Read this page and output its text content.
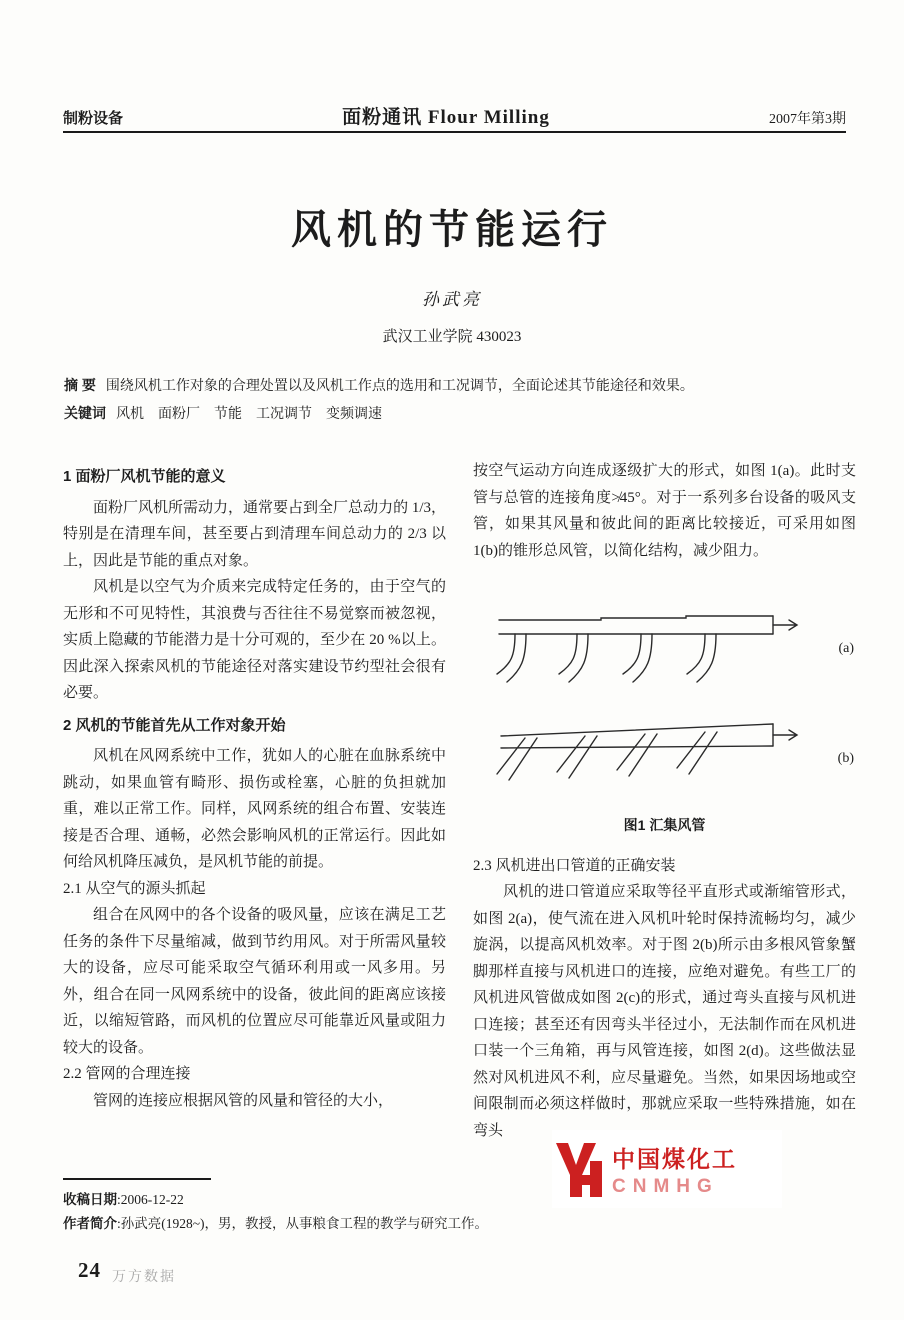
制粉设备	面粉通讯 Flour Milling	2007年第3期
风机的节能运行
孙武亮
武汉工业学院 430023
摘 要 围绕风机工作对象的合理处置以及风机工作点的选用和工况调节，全面论述其节能途径和效果。
关键词 风机 面粉厂 节能 工况调节 变频调速
1 面粉厂风机节能的意义

面粉厂风机所需动力，通常要占到全厂总动力的 1/3，特别是在清理车间，甚至要占到清理车间总动力的 2/3 以上，因此是节能的重点对象。

风机是以空气为介质来完成特定任务的，由于空气的无形和不可见特性，其浪费与否往往不易觉察而被忽视，实质上隐藏的节能潜力是十分可观的，至少在 20 %以上。因此深入探索风机的节能途径对落实建设节约型社会很有必要。

2 风机的节能首先从工作对象开始

风机在风网系统中工作，犹如人的心脏在血脉系统中跳动，如果血管有畸形、损伤或栓塞，心脏的负担就加重，难以正常工作。同样，风网系统的组合布置、安装连接是否合理、通畅，必然会影响风机的正常运行。因此如何给风机降压减负，是风机节能的前提。

2.1 从空气的源头抓起

组合在风网中的各个设备的吸风量，应该在满足工艺任务的条件下尽量缩减，做到节约用风。对于所需风量较大的设备，应尽可能采取空气循环利用或一风多用。另外，组合在同一风网系统中的设备，彼此间的距离应该接近，以缩短管路，而风机的位置应尽可能靠近风量或阻力较大的设备。

2.2 管网的合理连接

管网的连接应根据风管的风量和管径的大小，

按空气运动方向连成逐级扩大的形式，如图 1(a)。此时支管与总管的连接角度≯45°。对于一系列多台设备的吸风支管，如果其风量和彼此间的距离比较接近，可采用如图 1(b)的锥形总风管，以简化结构，减少阻力。

(a)
(b)
图1 汇集风管
2.3 风机进出口管道的正确安装

风机的进口管道应采取等径平直形式或渐缩管形式，如图 2(a)，使气流在进入风机叶轮时保持流畅均匀，减少旋涡，以提高风机效率。对于图 2(b)所示由多根风管象蟹脚那样直接与风机进口的连接，应绝对避免。有些工厂的风机进风管做成如图 2(c)的形式，通过弯头直接与风机进口连接；甚至还有因弯头半径过小，无法制作而在风机进口装一个三角箱，再与风管连接，如图 2(d)。这些做法显然对风机进风不利，应尽量避免。当然，如果因场地或空间限制而必须这样做时，那就应采取一些特殊措施，如在弯头

中国煤化工
CNMHG
收稿日期:2006-12-22
作者简介:孙武亮(1928~)，男，教授，从事粮食工程的教学与研究工作。
24 万方数据
